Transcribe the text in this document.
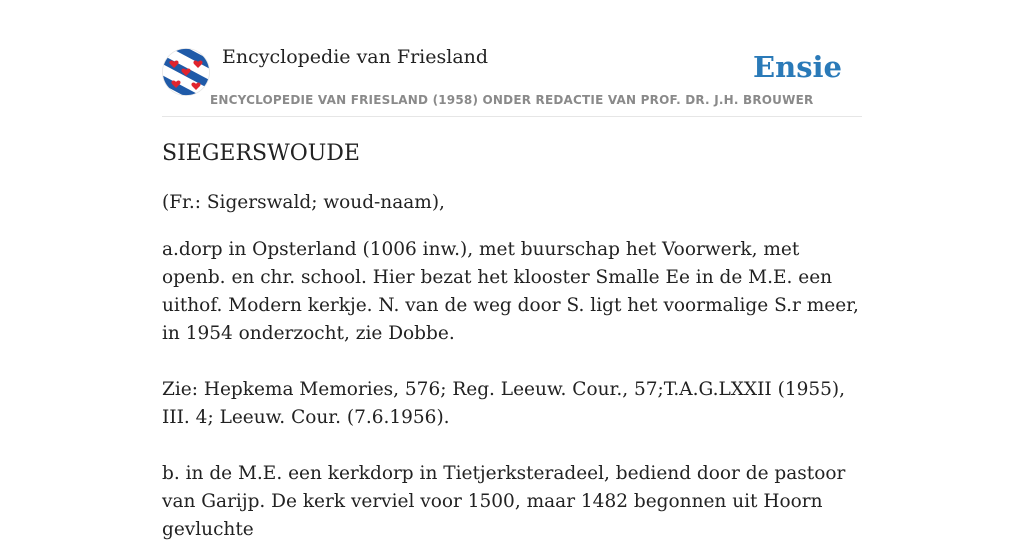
Encyclopedie van Friesland
ENCYCLOPEDIE VAN FRIESLAND (1958) ONDER REDACTIE VAN PROF. DR. J.H. BROUWER
Ensie
SIEGERSWOUDE

(Fr.: Sigerswald; woud-naam),

a.dorp in Opsterland (1006 inw.), met buurschap het Voorwerk, met openb. en chr. school. Hier bezat het klooster Smalle Ee in de M.E. een uithof. Modern kerkje. N. van de weg door S. ligt het voormalige S.r meer, in 1954 onderzocht, zie Dobbe.

Zie: Hepkema Memories, 576; Reg. Leeuw. Cour., 57;T.A.G.LXXII (1955), III. 4; Leeuw. Cour. (7.6.1956).

b. in de M.E. een kerkdorp in Tietjerksteradeel, bediend door de pastoor van Garijp. De kerk verviel voor 1500, maar 1482 begonnen uit Hoorn gevluchte
